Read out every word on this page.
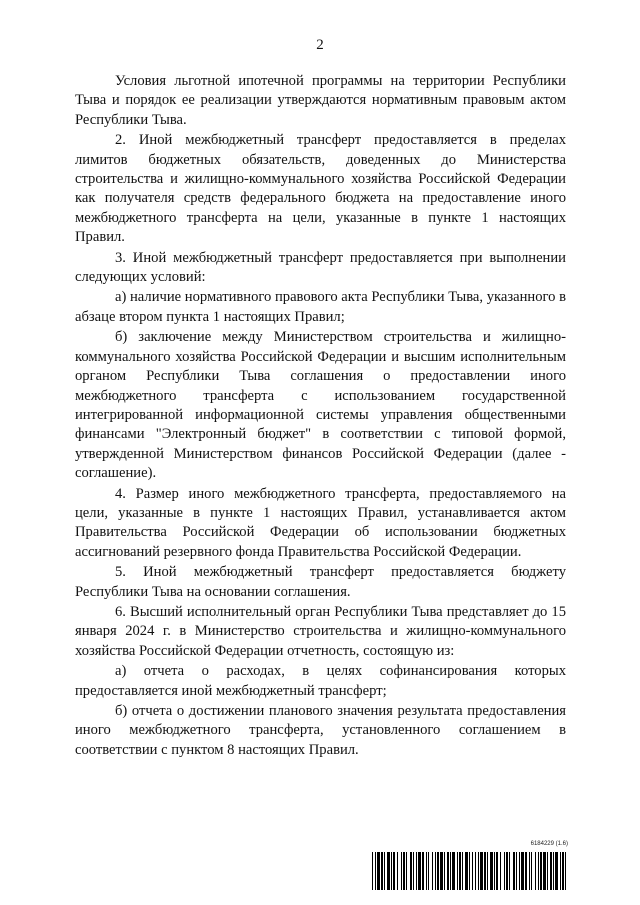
2

Условия льготной ипотечной программы на территории Республики Тыва и порядок ее реализации утверждаются нормативным правовым актом Республики Тыва.

2. Иной межбюджетный трансферт предоставляется в пределах лимитов бюджетных обязательств, доведенных до Министерства строительства и жилищно-коммунального хозяйства Российской Федерации как получателя средств федерального бюджета на предоставление иного межбюджетного трансферта на цели, указанные в пункте 1 настоящих Правил.

3. Иной межбюджетный трансферт предоставляется при выполнении следующих условий:

а) наличие нормативного правового акта Республики Тыва, указанного в абзаце втором пункта 1 настоящих Правил;

б) заключение между Министерством строительства и жилищно-коммунального хозяйства Российской Федерации и высшим исполнительным органом Республики Тыва соглашения о предоставлении иного межбюджетного трансферта с использованием государственной интегрированной информационной системы управления общественными финансами "Электронный бюджет" в соответствии с типовой формой, утвержденной Министерством финансов Российской Федерации (далее - соглашение).

4. Размер иного межбюджетного трансферта, предоставляемого на цели, указанные в пункте 1 настоящих Правил, устанавливается актом Правительства Российской Федерации об использовании бюджетных ассигнований резервного фонда Правительства Российской Федерации.

5. Иной межбюджетный трансферт предоставляется бюджету Республики Тыва на основании соглашения.

6. Высший исполнительный орган Республики Тыва представляет до 15 января 2024 г. в Министерство строительства и жилищно-коммунального хозяйства Российской Федерации отчетность, состоящую из:

а) отчета о расходах, в целях софинансирования которых предоставляется иной межбюджетный трансферт;

б) отчета о достижении планового значения результата предоставления иного межбюджетного трансферта, установленного соглашением в соответствии с пунктом 8 настоящих Правил.

6184229 (1.6)
